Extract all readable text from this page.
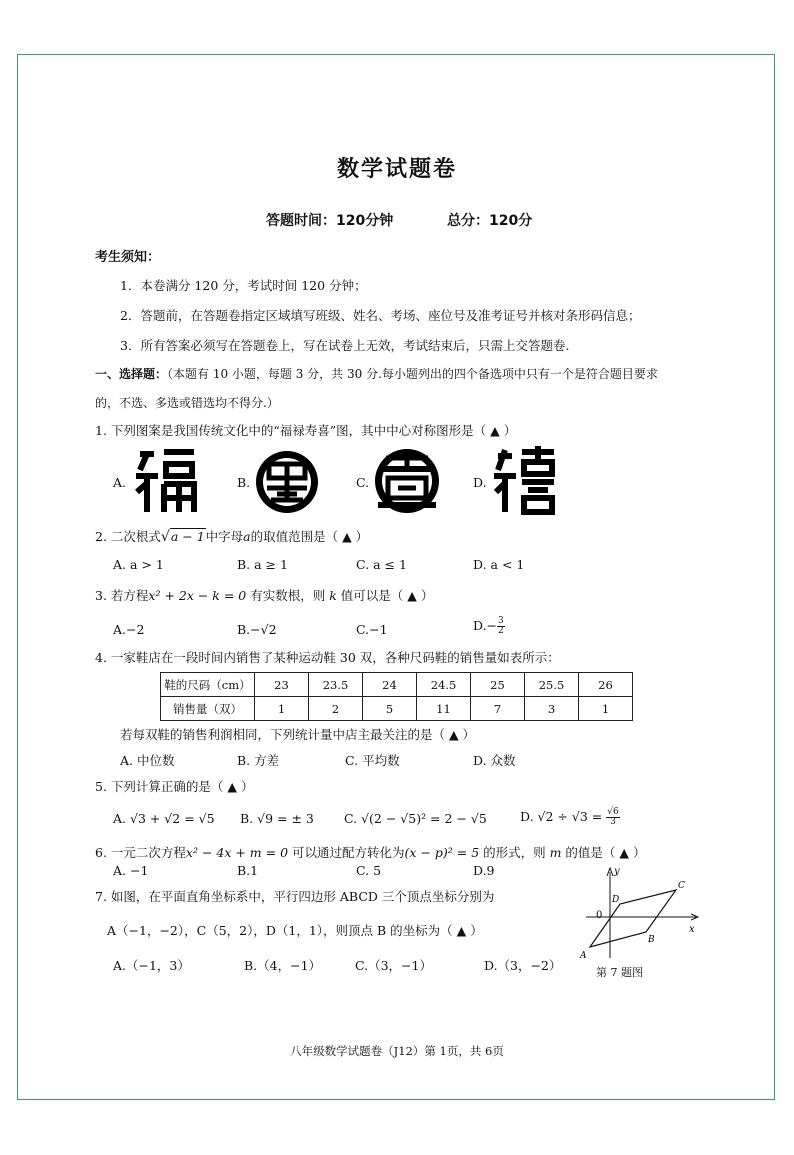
数学试题卷
答题时间：120分钟	总分：120分
考生须知：
1．本卷满分 120 分，考试时间 120 分钟；
2．答题前，在答题卷指定区域填写班级、姓名、考场、座位号及准考证号并核对条形码信息；
3．所有答案必须写在答题卷上，写在试卷上无效，考试结束后，只需上交答题卷.
一、选择题：（本题有 10 小题，每题 3 分，共 30 分.每小题列出的四个备选项中只有一个是符合题目要求
的，不选、多选或错选均不得分.）
1. 下列图案是我国传统文化中的“福禄寿喜”图，其中中心对称图形是（ ▲ ）
A.	B.	C.	D.
2. 二次根式√a − 1中字母a的取值范围是（ ▲ ）
A. a > 1	B. a ≥ 1	C. a ≤ 1	D. a < 1
3. 若方程x² + 2x − k = 0 有实数根，则 k 值可以是（ ▲ ）
A.−2	B.−√2	C.−1	$D.- \frac{3}{2}$
4. 一家鞋店在一段时间内销售了某种运动鞋 30 双，各种尺码鞋的销售量如表所示：
鞋的尺码（cm）	23	23.5	24	24.5	25	25.5	26
销售量（双）	1	2	5	11	7	3	1
若每双鞋的销售利润相同，下列统计量中店主最关注的是（ ▲ ）
A. 中位数	B. 方差	C. 平均数	D. 众数
5. 下列计算正确的是（ ▲ ）
A. √3 + √2 = √5 B. √9 = ± 3 C. √(2 − √5)² = 2 − √5	D. $√2 \div √3 = \frac{√6}{3}$
6. 一元二次方程x² − 4x + m = 0 可以通过配方转化为(x − p)² = 5 的形式，则 m 的值是（ ▲ ）
A. −1	B.1	C. 5	D.9
7. 如图，在平面直角坐标系中，平行四边形 ABCD 三个顶点坐标分别为
A（−1，−2），C（5，2），D（1，1），则顶点 B 的坐标为（ ▲ ）
A.（−1，3）	B.（4，−1）	C.（3，−1）	D.（3，−2）
y
x
0
A
B
C
D
第 7 题图
八年级数学试题卷（J12）第 1页，共 6页
